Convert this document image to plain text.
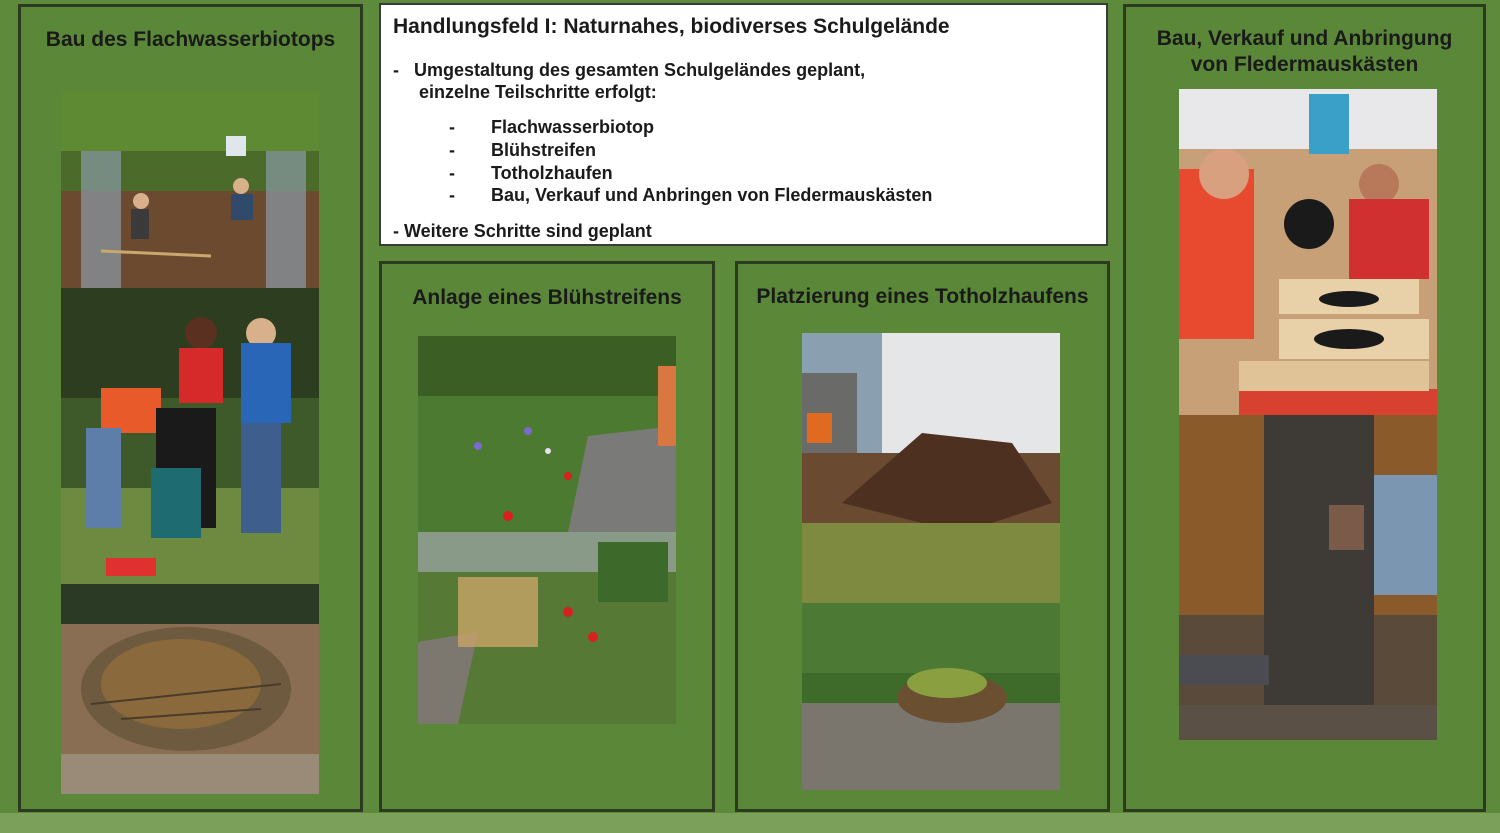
Bau des Flachwasserbiotops
Handlungsfeld I: Naturnahes, biodiverses Schulgelände
- Umgestaltung des gesamten Schulgeländes geplant,
einzelne Teilschritte erfolgt:
- Flachwasserbiotop
- Blühstreifen
- Totholzhaufen
- Bau, Verkauf und Anbringen von Fledermauskästen
- Weitere Schritte sind geplant
Anlage eines Blühstreifens	Platzierung eines Totholzhaufens
Bau, Verkauf und Anbringung
von Fledermauskästen
